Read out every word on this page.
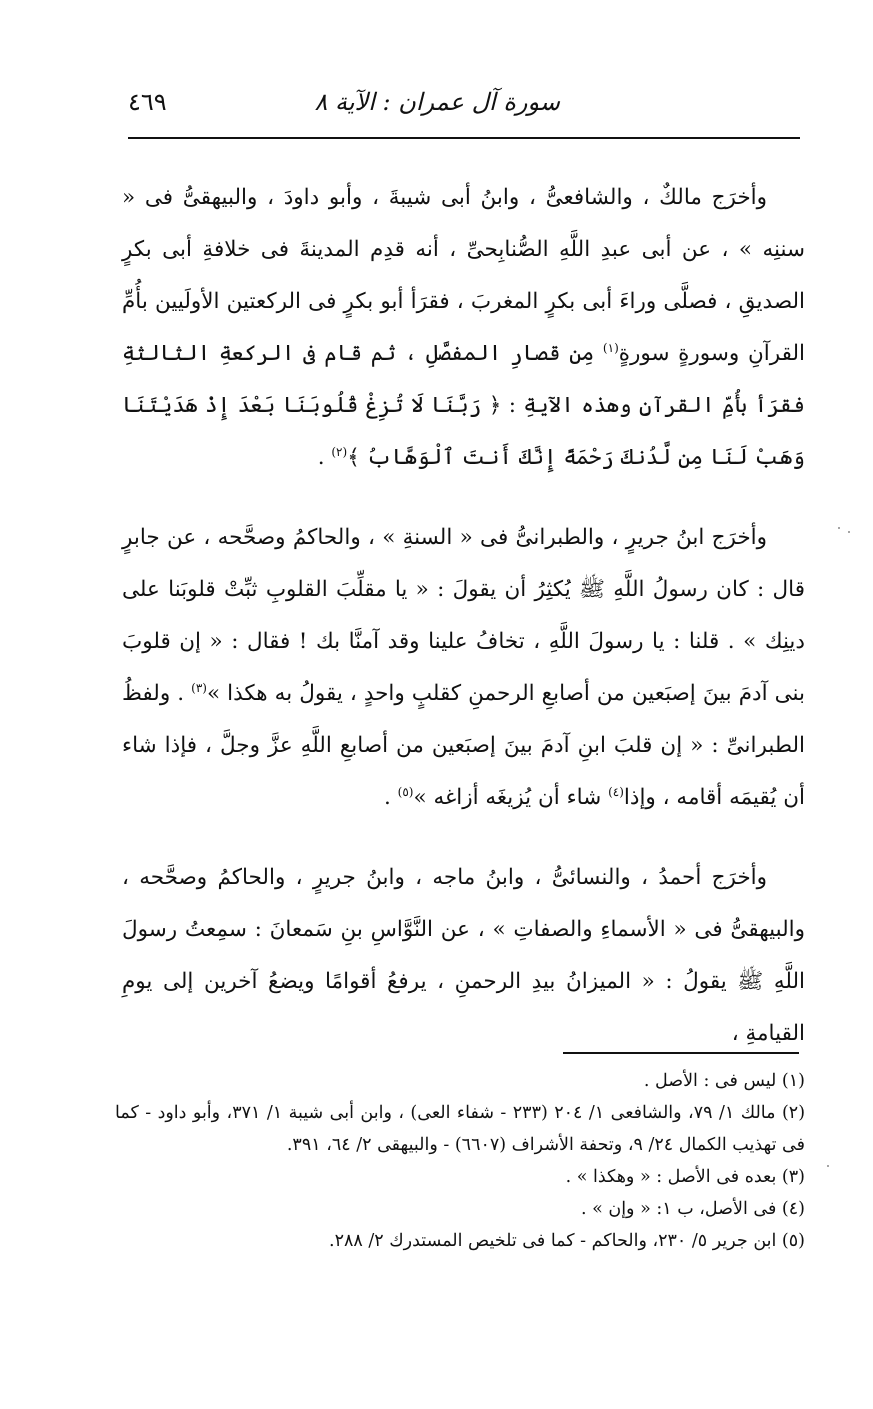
سورة آل عمران : الآية ٨
٤٦٩

وأخرَج مالكٌ ، والشافعىُّ ، وابنُ أبى شيبةَ ، وأبو داودَ ، والبيهقىُّ فى « سننِه » ، عن أبى عبدِ اللَّهِ الصُّنابِحىِّ ، أنه قدِم المدينةَ فى خلافةِ أبى بكرٍ الصديقِ ، فصلَّى وراءَ أبى بكرٍ المغربَ ، فقرَأ أبو بكرٍ فى الركعتين الأولَيين بأُمِّ القرآنِ وسورةٍ سورةٍ$^{(١)}$ مِن قصارِ المفصَّلِ ، ثم قام فى الركعةِ الثالثةِ فقرَأ بأُمِّ القرآنِ وهذه الآيةِ : ﴿ رَبَّنَا لَا تُزِغْ قُلُوبَنَا بَعْدَ إِذْ هَدَيْتَنَا وَهَبْ لَنَا مِن لَّدُنكَ رَحْمَةً إِنَّكَ أَنتَ ٱلْوَهَّابُ ﴾$^{(٢)}$ .

وأخرَج ابنُ جريرٍ ، والطبرانىُّ فى « السنةِ » ، والحاكمُ وصحَّحه ، عن جابرٍ قال : كان رسولُ اللَّهِ ﷺ يُكثِرُ أن يقولَ : « يا مقلِّبَ القلوبِ ثبِّتْ قلوبَنا على دينِك » . قلنا : يا رسولَ اللَّهِ ، تخافُ علينا وقد آمنَّا بك ! فقال : « إن قلوبَ بنى آدمَ بينَ إصبَعين من أصابعِ الرحمنِ كقلبٍ واحدٍ ، يقولُ به هكذا »$^{(٣)}$ . ولفظُ الطبرانىِّ : « إن قلبَ ابنِ آدمَ بينَ إصبَعين من أصابعِ اللَّهِ عزَّ وجلَّ ، فإذا شاء أن يُقيمَه أقامه ، وإذا$^{(٤)}$ شاء أن يُزيغَه أزاغه »$^{(٥)}$ .

وأخرَج أحمدُ ، والنسائىُّ ، وابنُ ماجه ، وابنُ جريرٍ ، والحاكمُ وصحَّحه ، والبيهقىُّ فى « الأسماءِ والصفاتِ » ، عن النَّوَّاسِ بنِ سَمعانَ : سمِعتُ رسولَ اللَّهِ ﷺ يقولُ : « الميزانُ بيدِ الرحمنِ ، يرفعُ أقوامًا ويضعُ آخرين إلى يومِ القيامةِ ،

(١) ليس فى : الأصل .

(٢) مالك ١/ ٧٩، والشافعى ١/ ٢٠٤ (٢٣٣ - شفاء العى) ، وابن أبى شيبة ١/ ٣٧١، وأبو داود - كما فى تهذيب الكمال ٢٤/ ٩، وتحفة الأشراف (٦٦٠٧) - والبيهقى ٢/ ٦٤، ٣٩١.

(٣) بعده فى الأصل : « وهكذا » .

(٤) فى الأصل، ب ١: « وإن » .

(٥) ابن جرير ٥/ ٢٣٠، والحاكم - كما فى تلخيص المستدرك ٢/ ٢٨٨.
